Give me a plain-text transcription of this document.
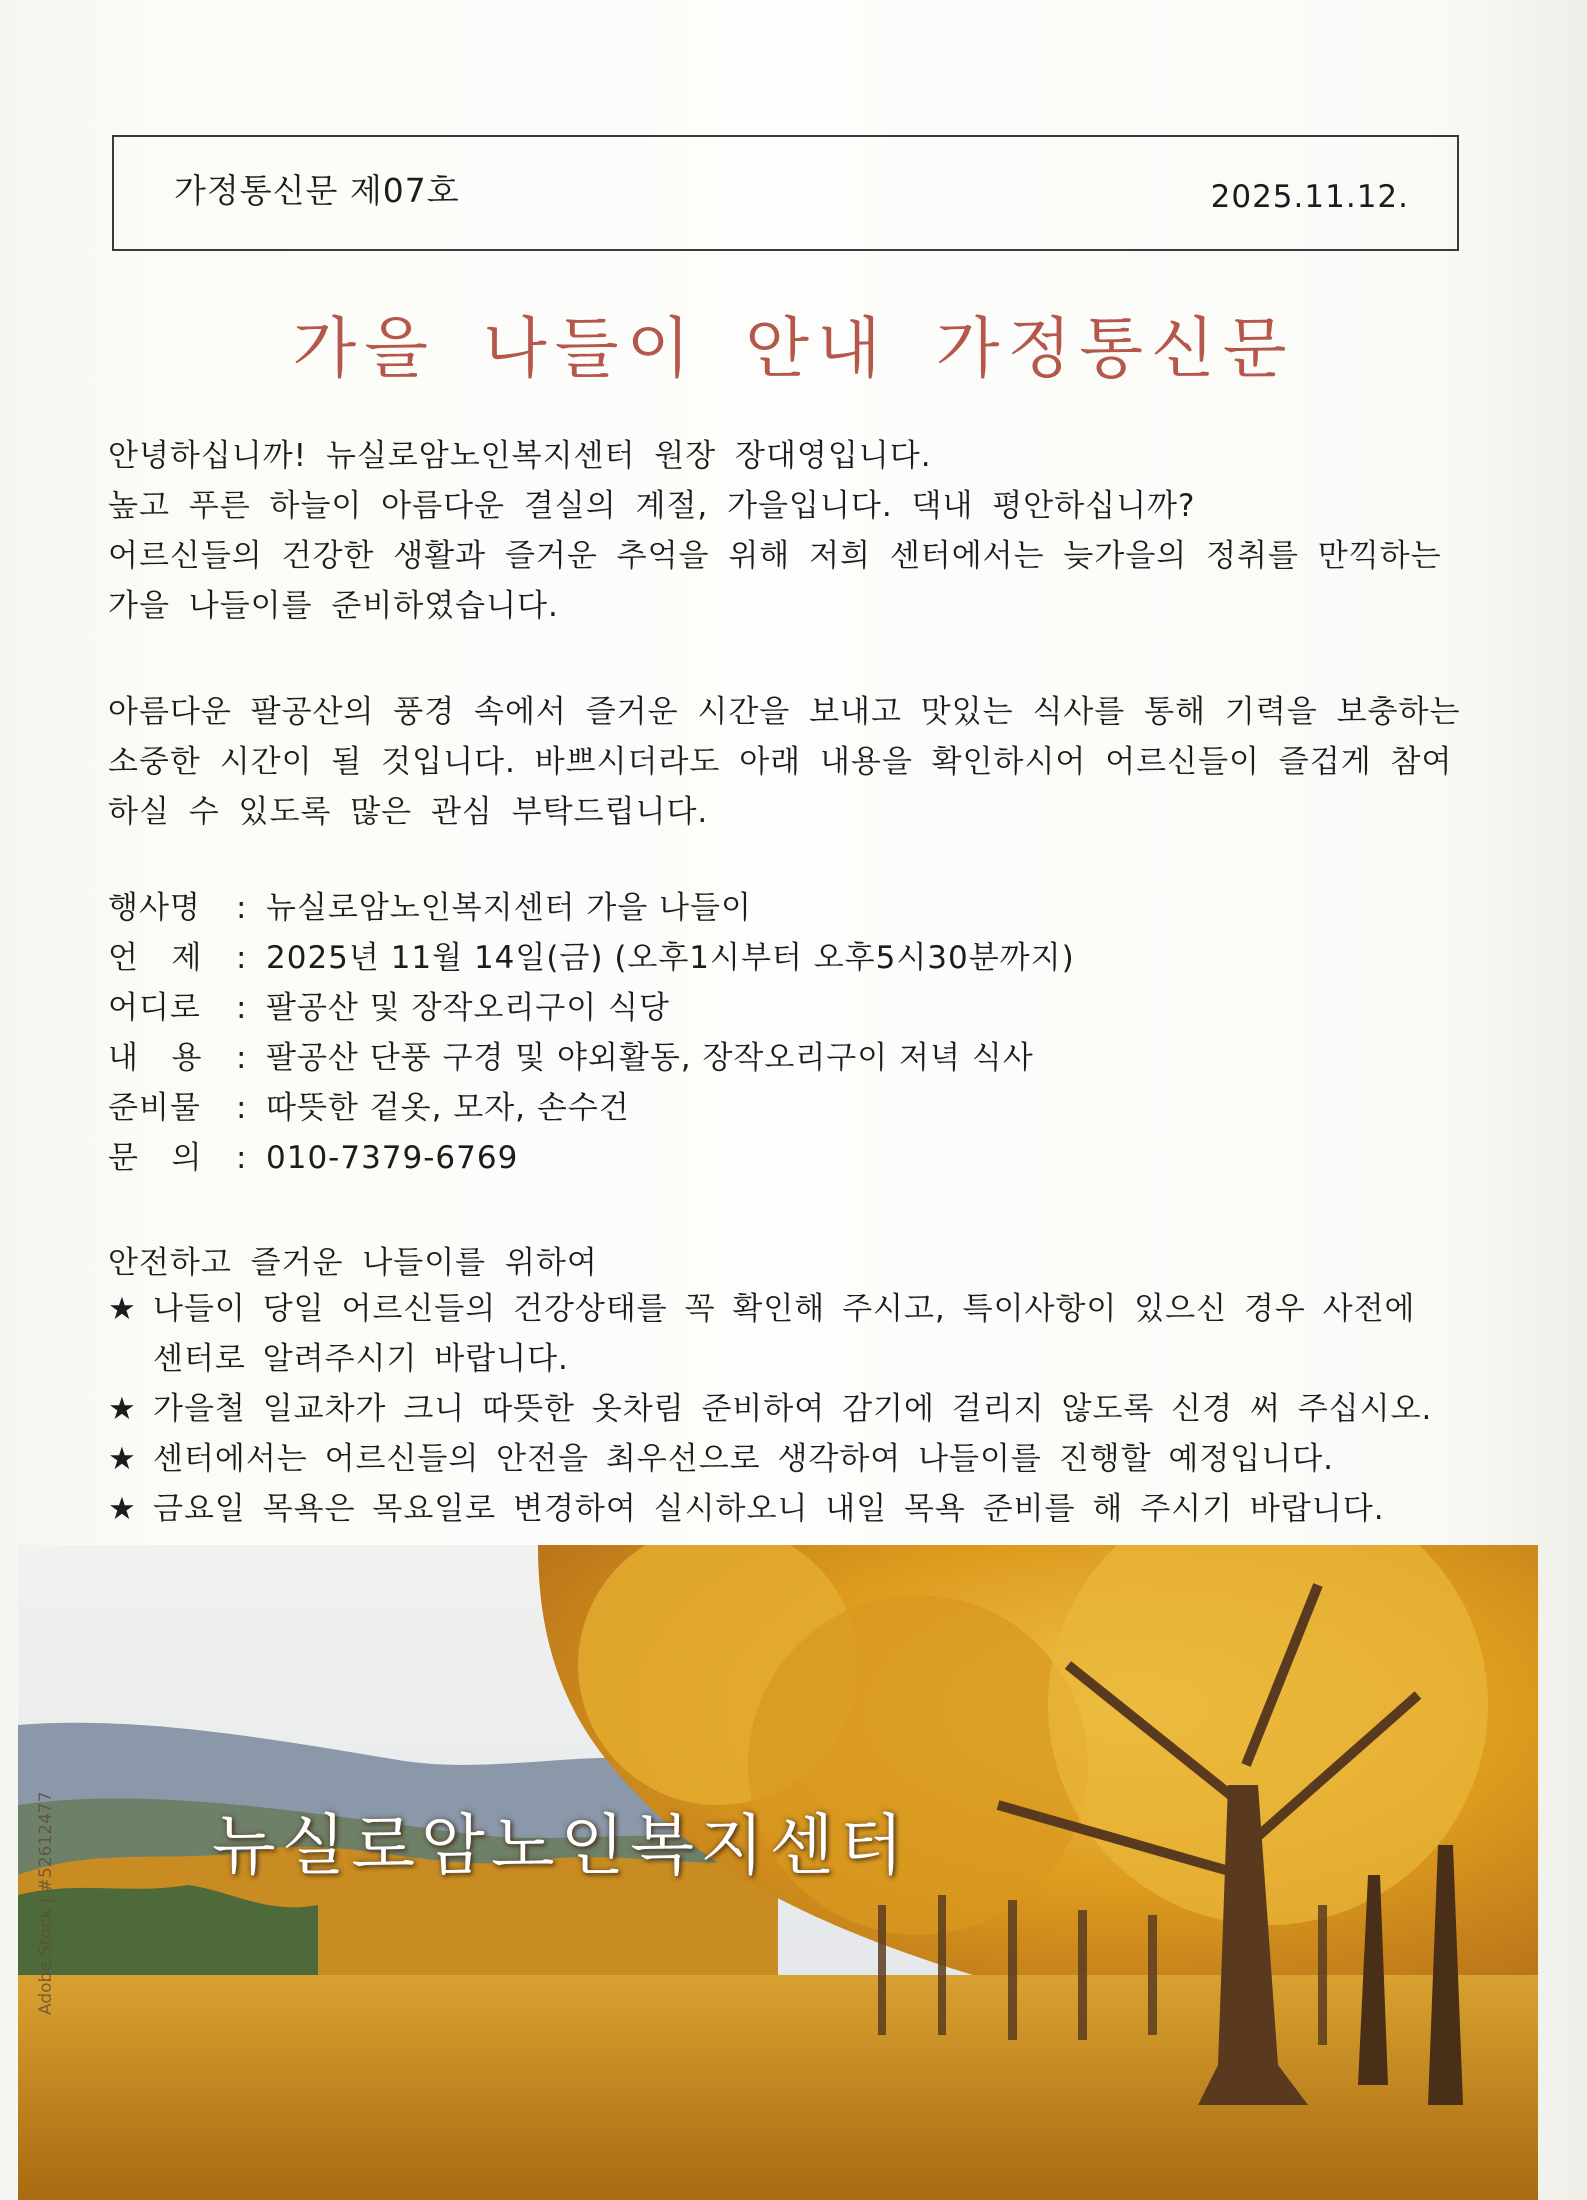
가정통신문 제07호	2025.11.12.
가을 나들이 안내 가정통신문

안녕하십니까! 뉴실로암노인복지센터 원장 장대영입니다.
높고 푸른 하늘이 아름다운 결실의 계절, 가을입니다. 댁내 평안하십니까?
어르신들의 건강한 생활과 즐거운 추억을 위해 저희 센터에서는 늦가을의 정취를 만끽하는
가을 나들이를 준비하였습니다.

아름다운 팔공산의 풍경 속에서 즐거운 시간을 보내고 맛있는 식사를 통해 기력을 보충하는
소중한 시간이 될 것입니다. 바쁘시더라도 아래 내용을 확인하시어 어르신들이 즐겁게 참여
하실 수 있도록 많은 관심 부탁드립니다.

행사명	: 뉴실로암노인복지센터 가을 나들이
언   제	: 2025년 11월 14일(금) (오후1시부터 오후5시30분까지)
어디로	: 팔공산 및 장작오리구이 식당
내   용	: 팔공산 단풍 구경 및 야외활동, 장작오리구이 저녁 식사
준비물	: 따뜻한 겉옷, 모자, 손수건
문   의	: 010-7379-6769
안전하고 즐거운 나들이를 위하여
★ 나들이 당일 어르신들의 건강상태를 꼭 확인해 주시고, 특이사항이 있으신 경우 사전에 센터로 알려주시기 바랍니다.
★ 가을철 일교차가 크니 따뜻한 옷차림 준비하여 감기에 걸리지 않도록 신경 써 주십시오.
★ 센터에서는 어르신들의 안전을 최우선으로 생각하여 나들이를 진행할 예정입니다.
★ 금요일 목욕은 목요일로 변경하여 실시하오니 내일 목욕 준비를 해 주시기 바랍니다.
뉴실로암노인복지센터
Adobe Stock | #52612477
